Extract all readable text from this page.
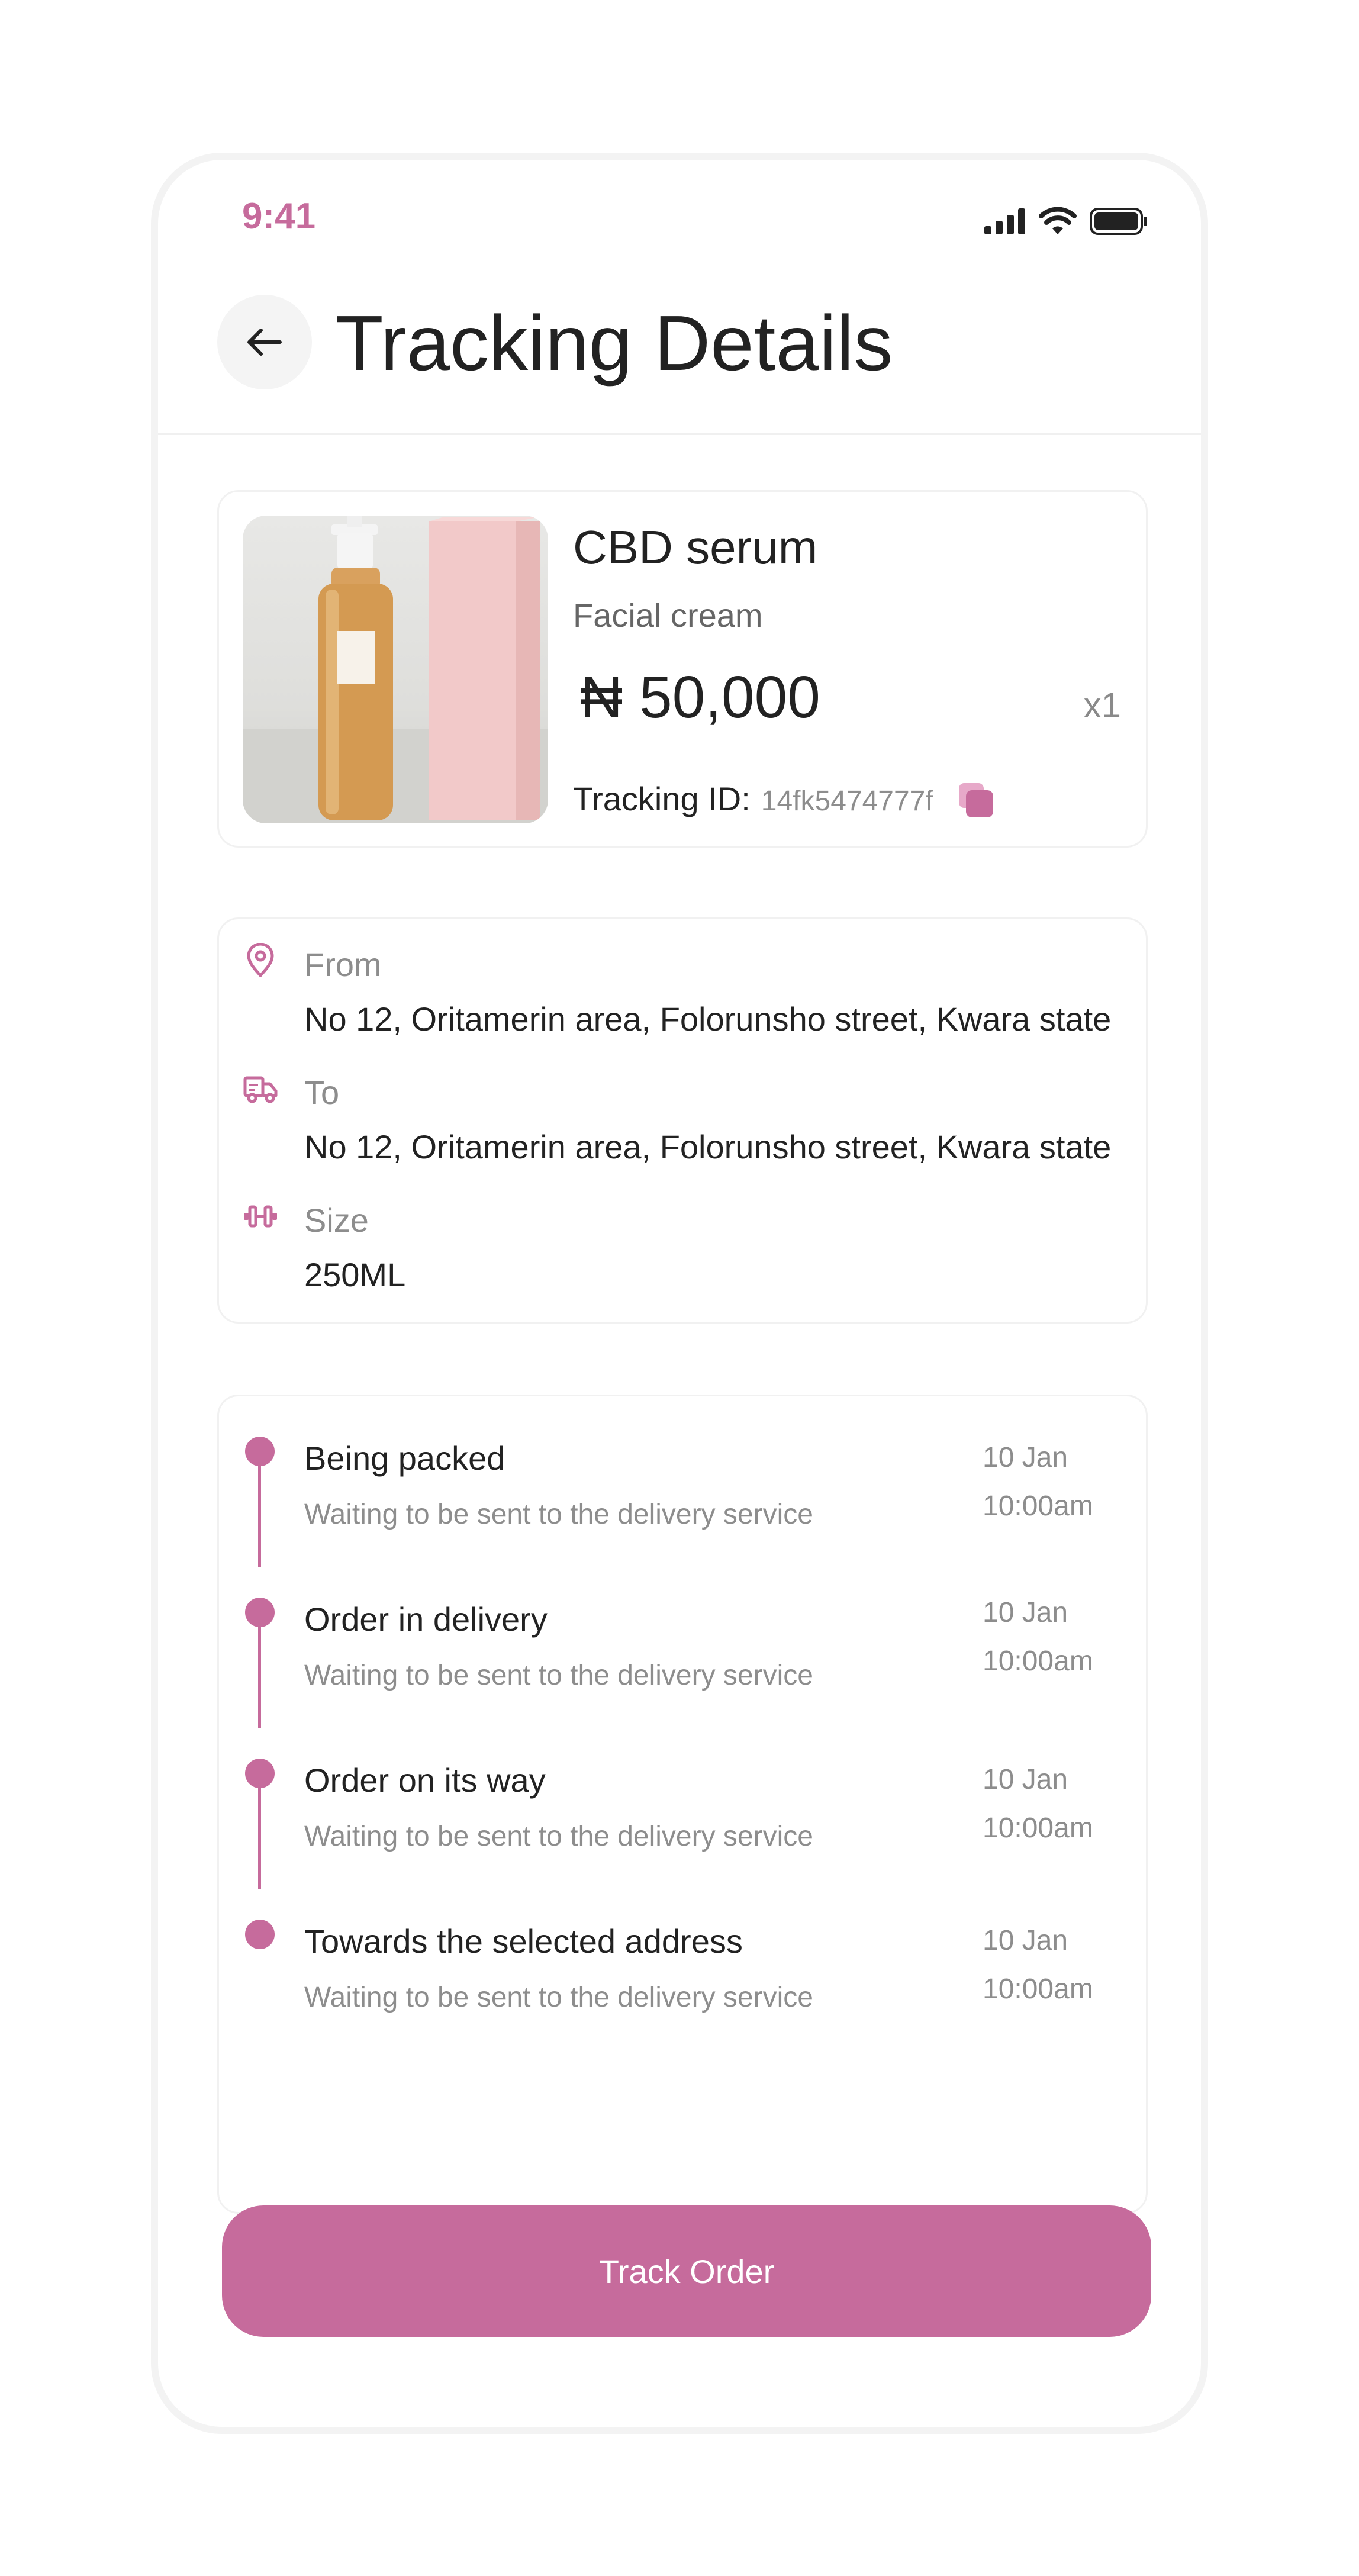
9:41
Tracking Details
CBD serum
Facial cream
₦ 50,000	x1
Tracking ID: 14fk5474777f
From
No 12, Oritamerin area, Folorunsho street, Kwara state
To
No 12, Oritamerin area, Folorunsho street, Kwara state
Size
250ML
Being packed
Waiting to be sent to the delivery service
10 Jan
10:00am
Order in delivery
Waiting to be sent to the delivery service
10 Jan
10:00am
Order on its way
Waiting to be sent to the delivery service
10 Jan
10:00am
Towards the selected address
Waiting to be sent to the delivery service
10 Jan
10:00am
Track Order
